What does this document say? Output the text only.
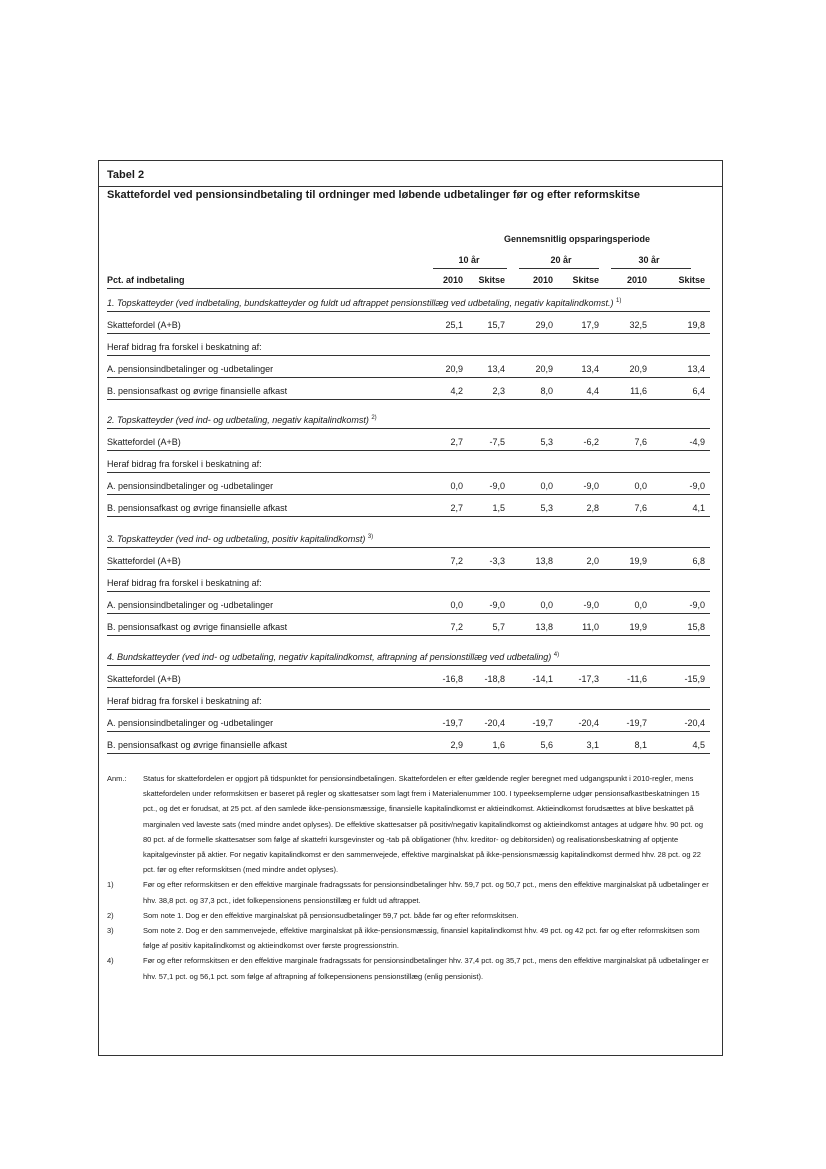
Tabel 2
Skattefordel ved pensionsindbetaling til ordninger med løbende udbetalinger før og efter reformskitse
Gennemsnitlig opsparingsperiode
10 år	20 år	30 år
Pct. af indbetaling	2010	Skitse	2010	Skitse	2010	Skitse
Anm.: Status for skattefordelen er opgjort på tidspunktet for pensionsindbetalingen. Skattefordelen er efter gældende regler beregnet med udgangspunkt i 2010-regler, mens skattefordelen under reformskitsen er baseret på regler og skattesatser som lagt frem i Materialenummer 100. I typeeksemplerne udgør pensionsafkastbeskatningen 15 pct., og det er forudsat, at 25 pct. af den samlede ikke-pensionsmæssige, finansielle kapitalindkomst er aktieindkomst. Aktieindkomst forudsættes at blive beskattet på marginalen ved laveste sats (med mindre andet oplyses). De effektive skattesatser på positiv/negativ kapitalindkomst og aktieindkomst antages at udgøre hhv. 90 pct. og 80 pct. af de formelle skattesatser som følge af skattefri kursgevinster og -tab på obligationer (hhv. kreditor- og debitorsiden) og realisationsbeskatning af optjente kapitalgevinster på aktier. For negativ kapitalindkomst er den sammenvejede, effektive marginalskat på ikke-pensionsmæssig kapitalindkomst dermed hhv. 28 pct. og 22 pct. før og efter reformskitsen (med mindre andet oplyses).
1)	Før og efter reformskitsen er den effektive marginale fradragssats for pensionsindbetalinger hhv. 59,7 pct. og 50,7 pct., mens den effektive marginalskat på udbetalinger er hhv. 38,8 pct. og 37,3 pct., idet folkepensionens pensionstillæg er fuldt ud aftrappet.
2)	Som note 1. Dog er den effektive marginalskat på pensionsudbetalinger 59,7 pct. både før og efter reformskitsen.
3)	Som note 2. Dog er den sammenvejede, effektive marginalskat på ikke-pensionsmæssig, finansiel kapitalindkomst hhv. 49 pct. og 42 pct. før og efter reformskitsen som følge af positiv kapitalindkomst og aktieindkomst over første progressionstrin.
4)	Før og efter reformskitsen er den effektive marginale fradragssats for pensionsindbetalinger hhv. 37,4 pct. og 35,7 pct., mens den effektive marginalskat på udbetalinger er hhv. 57,1 pct. og 56,1 pct. som følge af aftrapning af folkepensionens pensionstillæg (enlig pensionist).
1. Topskatteyder (ved indbetaling, bundskatteyder og fuldt ud aftrappet pensionstillæg ved udbetaling, negativ kapitalindkomst.) $^{1)}$
Skattefordel (A+B)	25,1	15,7	29,0	17,9	32,5	19,8
Heraf bidrag fra forskel i beskatning af:
A. pensionsindbetalinger og -udbetalinger	20,9	13,4	20,9	13,4	20,9	13,4
B. pensionsafkast og øvrige finansielle afkast	4,2	2,3	8,0	4,4	11,6	6,4
2. Topskatteyder (ved ind- og udbetaling, negativ kapitalindkomst) $^{2)}$
Skattefordel (A+B)	2,7	-7,5	5,3	-6,2	7,6	-4,9
Heraf bidrag fra forskel i beskatning af:
A. pensionsindbetalinger og -udbetalinger	0,0	-9,0	0,0	-9,0	0,0	-9,0
B. pensionsafkast og øvrige finansielle afkast	2,7	1,5	5,3	2,8	7,6	4,1
3. Topskatteyder (ved ind- og udbetaling, positiv kapitalindkomst) $^{3)}$
Skattefordel (A+B)	7,2	-3,3	13,8	2,0	19,9	6,8
Heraf bidrag fra forskel i beskatning af:
A. pensionsindbetalinger og -udbetalinger	0,0	-9,0	0,0	-9,0	0,0	-9,0
B. pensionsafkast og øvrige finansielle afkast	7,2	5,7	13,8	11,0	19,9	15,8
4. Bundskatteyder (ved ind- og udbetaling, negativ kapitalindkomst, aftrapning af pensionstillæg ved udbetaling) $^{4)}$
Skattefordel (A+B)	-16,8	-18,8	-14,1	-17,3	-11,6	-15,9
Heraf bidrag fra forskel i beskatning af:
A. pensionsindbetalinger og -udbetalinger	-19,7	-20,4	-19,7	-20,4	-19,7	-20,4
B. pensionsafkast og øvrige finansielle afkast	2,9	1,6	5,6	3,1	8,1	4,5
